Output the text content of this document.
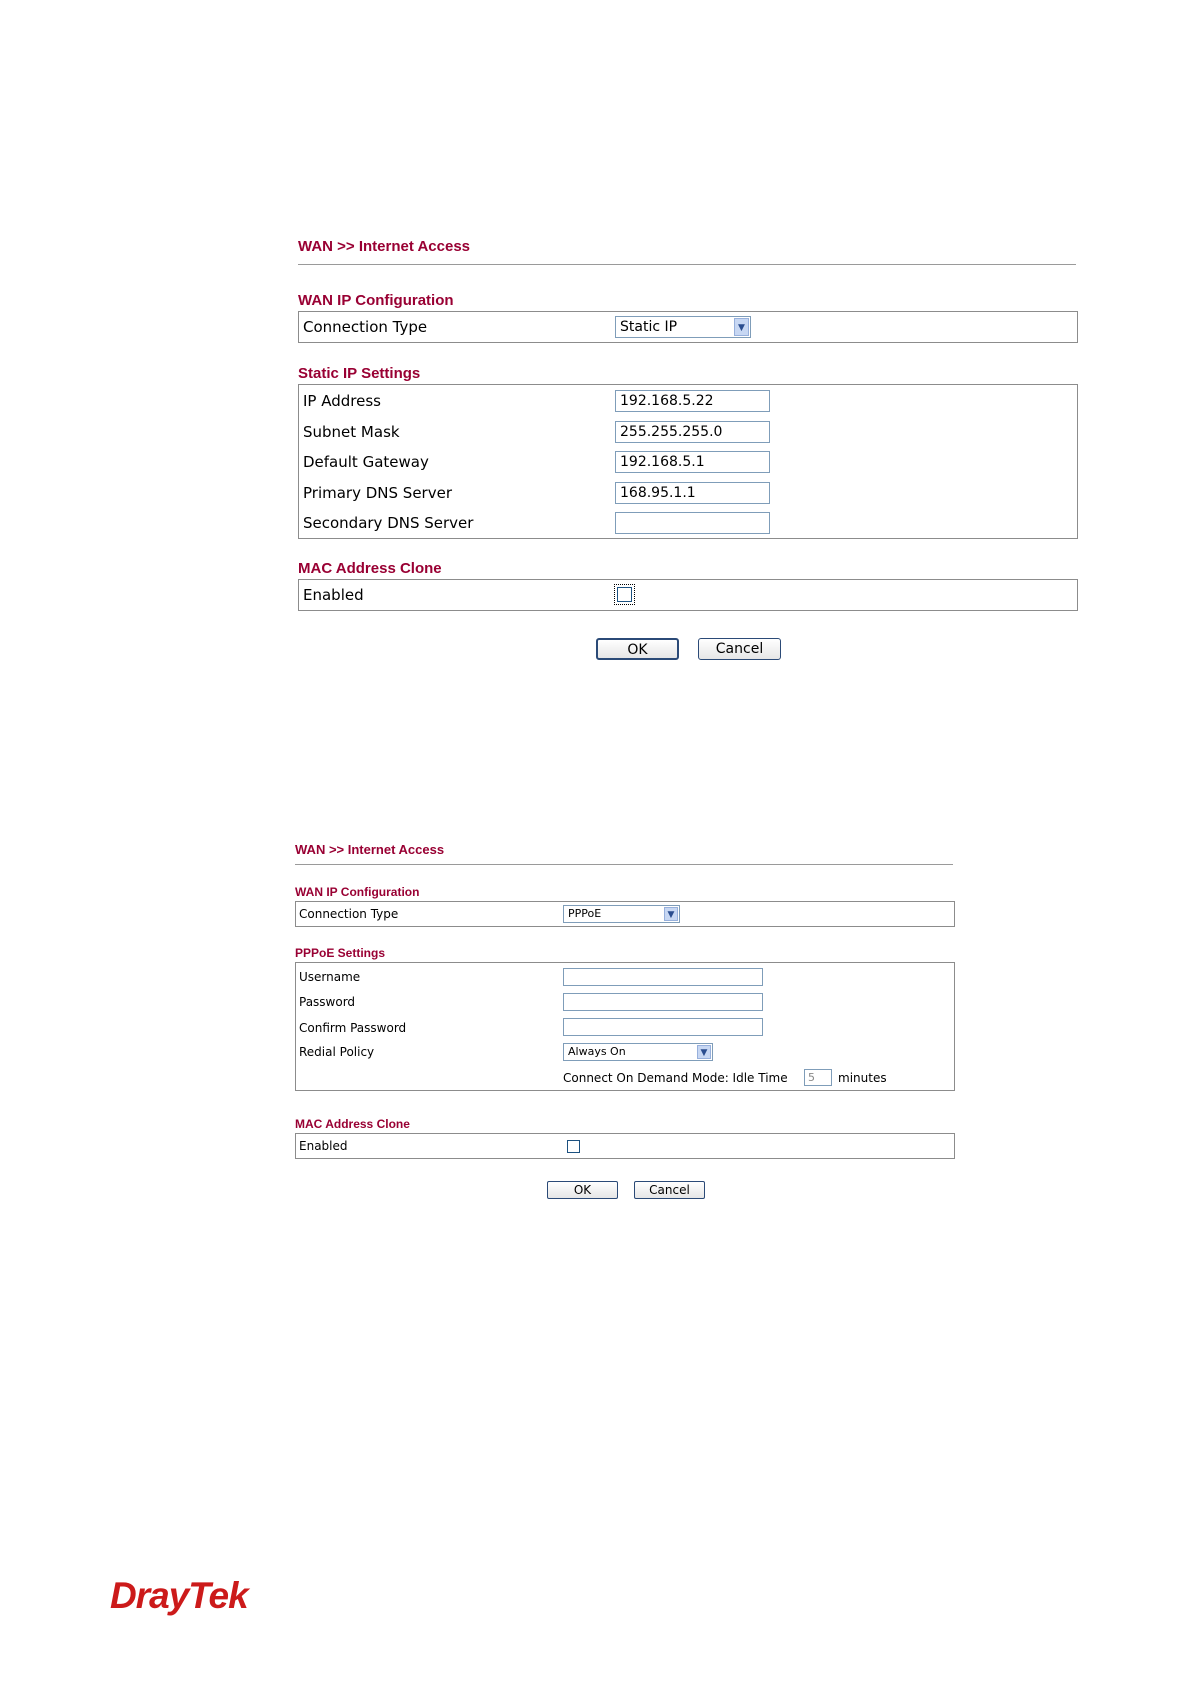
WAN >> Internet Access
WAN IP Configuration
Connection Type	Static IP	▼
Static IP Settings
IP Address	192.168.5.22
Subnet Mask	255.255.255.0
Default Gateway	192.168.5.1
Primary DNS Server	168.95.1.1
Secondary DNS Server
MAC Address Clone
Enabled
OK	Cancel
WAN >> Internet Access
WAN IP Configuration
Connection Type	PPPoE	▼
PPPoE Settings
Username
Password
Confirm Password
Redial Policy	Always On	▼
Connect On Demand Mode: Idle Time	5	minutes
MAC Address Clone
Enabled
OK	Cancel
DrayTek
